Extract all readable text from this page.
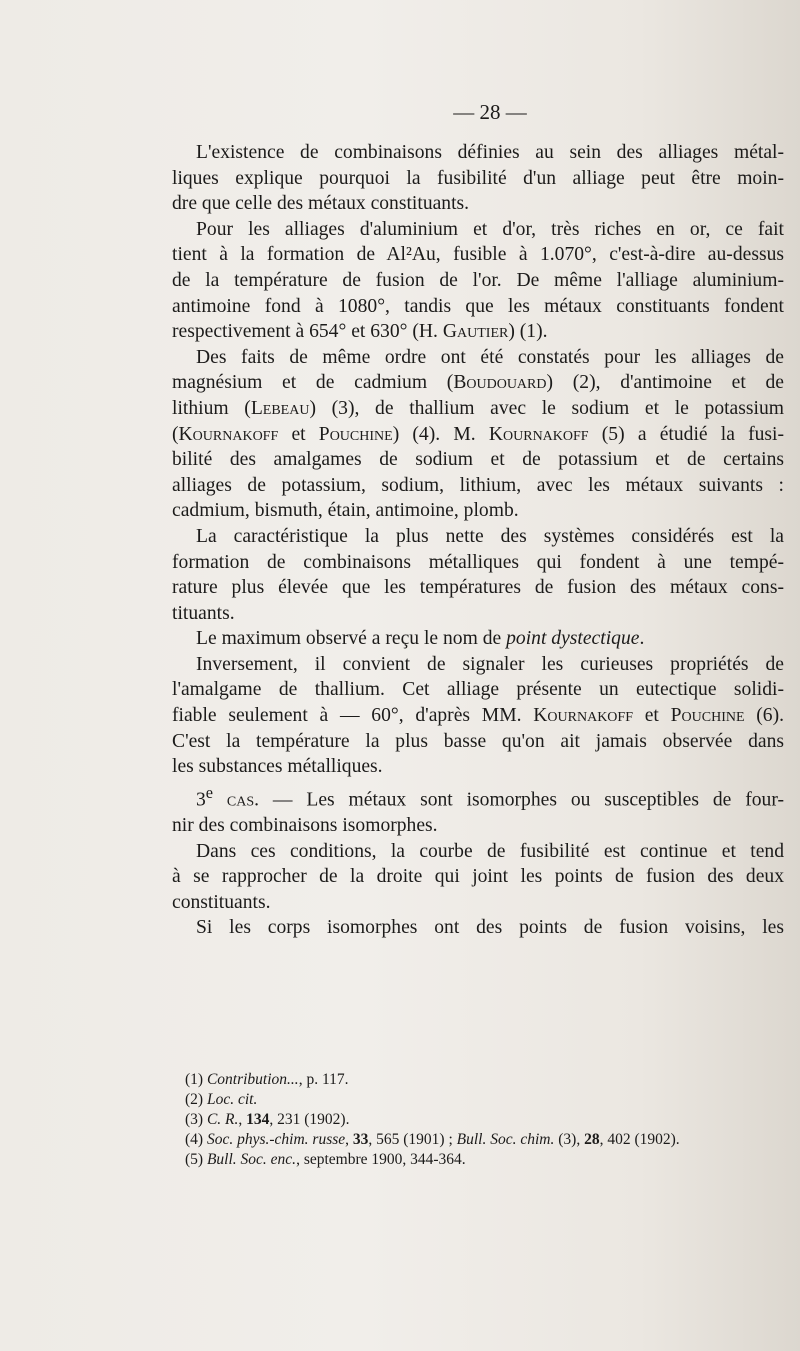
— 28 —
L'existence de combinaisons définies au sein des alliages métal-
liques explique pourquoi la fusibilité d'un alliage peut être moin-
dre que celle des métaux constituants.
Pour les alliages d'aluminium et d'or, très riches en or, ce fait
tient à la formation de Al²Au, fusible à 1.070°, c'est-à-dire au-dessus
de la température de fusion de l'or. De même l'alliage aluminium-
antimoine fond à 1080°, tandis que les métaux constituants fondent
respectivement à 654° et 630° (H. Gautier) (1).
Des faits de même ordre ont été constatés pour les alliages de
magnésium et de cadmium (Boudouard) (2), d'antimoine et de
lithium (Lebeau) (3), de thallium avec le sodium et le potassium
(Kournakoff et Pouchine) (4). M. Kournakoff (5) a étudié la fusi-
bilité des amalgames de sodium et de potassium et de certains
alliages de potassium, sodium, lithium, avec les métaux suivants :
cadmium, bismuth, étain, antimoine, plomb.
La caractéristique la plus nette des systèmes considérés est la
formation de combinaisons métalliques qui fondent à une tempé-
rature plus élevée que les températures de fusion des métaux cons-
tituants.
Le maximum observé a reçu le nom de point dystectique.
Inversement, il convient de signaler les curieuses propriétés de
l'amalgame de thallium. Cet alliage présente un eutectique solidi-
fiable seulement à — 60°, d'après MM. Kournakoff et Pouchine (6).
C'est la température la plus basse qu'on ait jamais observée dans
les substances métalliques.
3e cas. — Les métaux sont isomorphes ou susceptibles de four-
nir des combinaisons isomorphes.
Dans ces conditions, la courbe de fusibilité est continue et tend
à se rapprocher de la droite qui joint les points de fusion des deux
constituants.
Si les corps isomorphes ont des points de fusion voisins, les
(1) Contribution..., p. 117.
(2) Loc. cit.
(3) C. R., 134, 231 (1902).
(4) Soc. phys.-chim. russe, 33, 565 (1901) ; Bull. Soc. chim. (3), 28, 402 (1902).
(5) Bull. Soc. enc., septembre 1900, 344-364.
